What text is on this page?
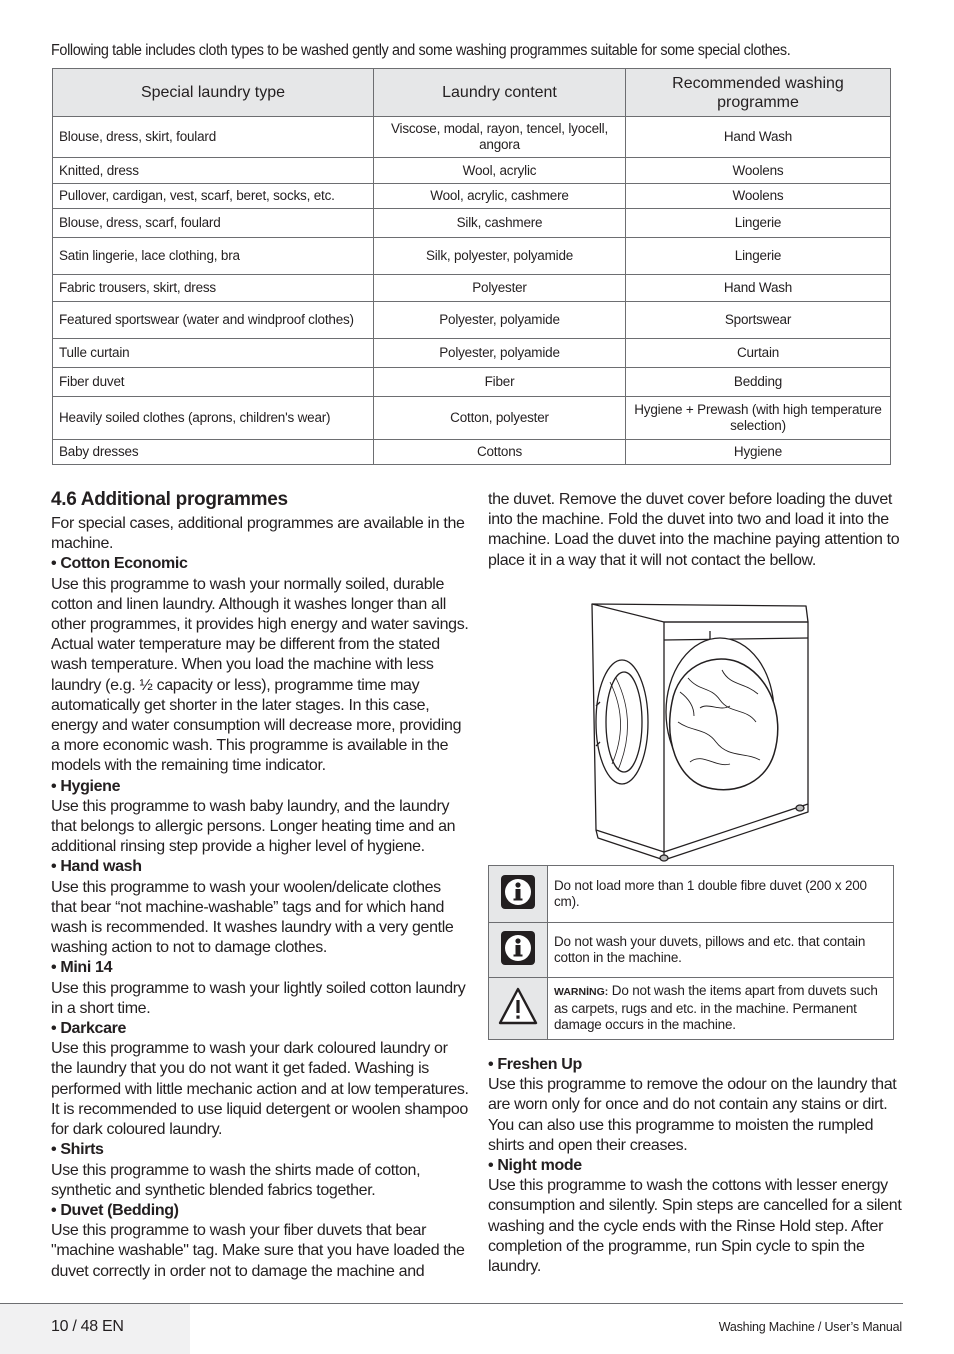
Following table includes cloth types to be washed gently and some washing programmes suitable for some special clothes.
Special laundry type	Laundry content	Recommended washing programme
Blouse, dress, skirt, foulard	Viscose, modal, rayon, tencel, lyocell, angora	Hand Wash
Knitted, dress	Wool, acrylic	Woolens
Pullover, cardigan, vest, scarf, beret, socks, etc.	Wool, acrylic, cashmere	Woolens
Blouse, dress, scarf, foulard	Silk, cashmere	Lingerie
Satin lingerie, lace clothing, bra	Silk, polyester, polyamide	Lingerie
Fabric trousers, skirt, dress	Polyester	Hand Wash
Featured sportswear (water and windproof clothes)	Polyester, polyamide	Sportswear
Tulle curtain	Polyester, polyamide	Curtain
Fiber duvet	Fiber	Bedding
Heavily soiled clothes (aprons, children's wear)	Cotton, polyester	Hygiene + Prewash (with high temperature selection)
Baby dresses	Cottons	Hygiene
4.6 Additional programmes

For special cases, additional programmes are available in the machine.

• Cotton Economic

Use this programme to wash your normally soiled, durable cotton and linen laundry. Although it washes longer than all other programmes, it provides high energy and water savings. Actual water temperature may be different from the stated wash temperature. When you load the machine with less laundry (e.g. ½ capacity or less), programme time may automatically get shorter in the later stages. In this case, energy and water consumption will decrease more, providing a more economic wash. This programme is available in the models with the remaining time indicator.

• Hygiene

Use this programme to wash baby laundry, and the laundry that belongs to allergic persons. Longer heating time and an additional rinsing step provide a higher level of hygiene.

• Hand wash

Use this programme to wash your woolen/delicate clothes that bear “not machine-washable” tags and for which hand wash is recommended. It washes laundry with a very gentle washing action to not to damage clothes.

• Mini 14

Use this programme to wash your lightly soiled cotton laundry in a short time.

• Darkcare

Use this programme to wash your dark coloured laundry or the laundry that you do not want it get faded. Washing is performed with little mechanic action and at low temperatures. It is recommended to use liquid detergent or woolen shampoo for dark coloured laundry.

• Shirts

Use this programme to wash the shirts made of cotton, synthetic and synthetic blended fabrics together.

• Duvet (Bedding)

Use this programme to wash your fiber duvets that bear "machine washable" tag. Make sure that you have loaded the duvet correctly in order not to damage the machine and

the duvet. Remove the duvet cover before loading the duvet into the machine. Fold the duvet into two and load it into the machine. Load the duvet into the machine paying attention to place it in a way that it will not contact the bellow.

	Do not load more than 1 double fibre duvet (200 x 200 cm).
	Do not wash your duvets, pillows and etc. that contain cotton in the machine.
	WARNİNG: Do not wash the items apart from duvets such as carpets, rugs and etc. in the machine. Permanent damage occurs in the machine.

• Freshen Up

Use this programme to remove the odour on the laundry that are worn only for once and do not contain any stains or dirt. You can also use this programme to moisten the rumpled shirts and open their creases.

• Night mode

Use this programme to wash the cottons with lesser energy consumption and silently. Spin steps are cancelled for a silent washing and the cycle ends with the Rinse Hold step. After completion of the programme, run Spin cycle to spin the laundry.

10 / 48 EN	Washing Machine / User’s Manual
